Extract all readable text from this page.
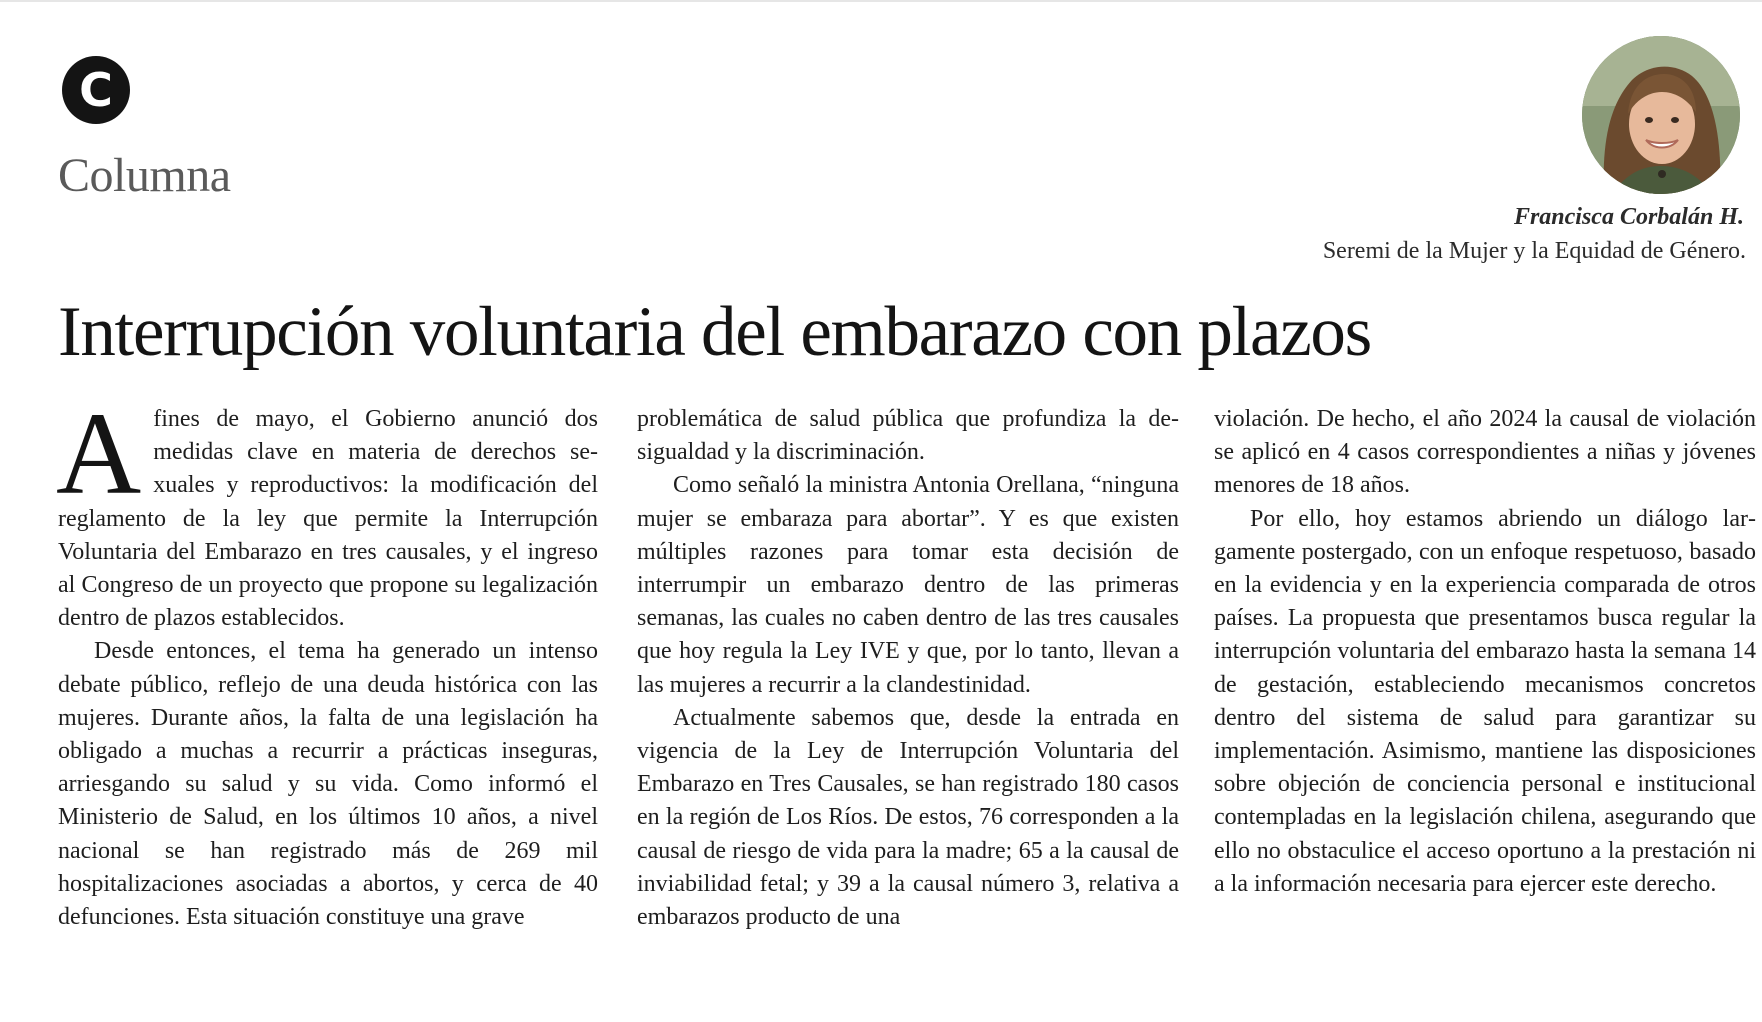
C
Columna
Francisca Corbalán H.
Seremi de la Mujer y la Equidad de Género.
Interrupción voluntaria del embarazo con plazos

Afines de mayo, el Gobierno anunció dos medidas clave en materia de derechos sexuales y reproductivos: la modificación del reglamento de la ley que permite la Interrupción Voluntaria del Embarazo en tres causales, y el ingreso al Congreso de un proyecto que propone su legalización dentro de plazos establecidos.

Desde entonces, el tema ha generado un intenso debate público, reflejo de una deuda histórica con las mujeres. Durante años, la falta de una legislación ha obligado a muchas a recurrir a prácticas inseguras, arriesgando su salud y su vida. Como informó el Ministerio de Salud, en los últimos 10 años, a nivel nacional se han registrado más de 269 mil hospitalizaciones asociadas a abortos, y cerca de 40 defunciones. Esta situación constituye una grave

problemática de salud pública que profundiza la desigualdad y la discriminación.

Como señaló la ministra Antonia Orellana, “ninguna mujer se embaraza para abortar”. Y es que existen múltiples razones para tomar esta decisión de interrumpir un embarazo dentro de las primeras semanas, las cuales no caben dentro de las tres causales que hoy regula la Ley IVE y que, por lo tanto, llevan a las mujeres a recurrir a la clandestinidad.

Actualmente sabemos que, desde la entrada en vigencia de la Ley de Interrupción Voluntaria del Embarazo en Tres Causales, se han registrado 180 casos en la región de Los Ríos. De estos, 76 corresponden a la causal de riesgo de vida para la madre; 65 a la causal de inviabilidad fetal; y 39 a la causal número 3, relativa a embarazos producto de una

violación. De hecho, el año 2024 la causal de violación se aplicó en 4 casos correspondientes a niñas y jóvenes menores de 18 años.

Por ello, hoy estamos abriendo un diálogo largamente postergado, con un enfoque respetuoso, basado en la evidencia y en la experiencia comparada de otros países. La propuesta que presentamos busca regular la interrupción voluntaria del embarazo hasta la semana 14 de gestación, estableciendo mecanismos concretos dentro del sistema de salud para garantizar su implementación. Asimismo, mantiene las disposiciones sobre objeción de conciencia personal e institucional contempladas en la legislación chilena, asegurando que ello no obstaculice el acceso oportuno a la prestación ni a la información necesaria para ejercer este derecho.
